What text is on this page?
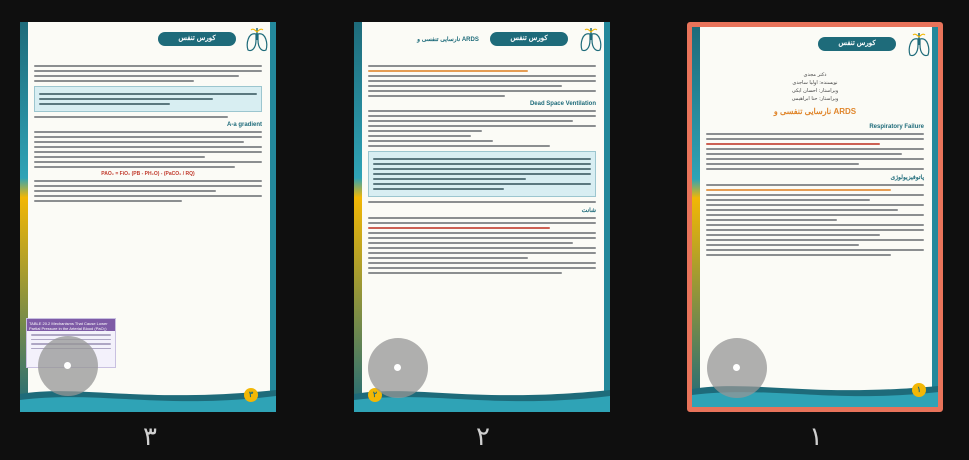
کورس تنفس
A-a gradient
PAO₂ = FiO₂ (PB - PH₂O) - (PaCO₂ / RQ)
TABLE 20.2 Mechanisms That Cause Lower Partial Pressure in the Arterial Blood (PaO₂)
۳
کورس تنفس
نارسایی تنفسی و ARDS
Dead Space Ventilation
شانت
۲
کورس تنفس
دکتر مجدی
نویسنده: اولیا ساجدی
ویراستار: احسان ایکی
ویراستار: حنا ابراهیمی
نارسایی تنفسی و ARDS
Respiratory Failure
پاتوفیزیولوژی
۱
۳	۲	۱
